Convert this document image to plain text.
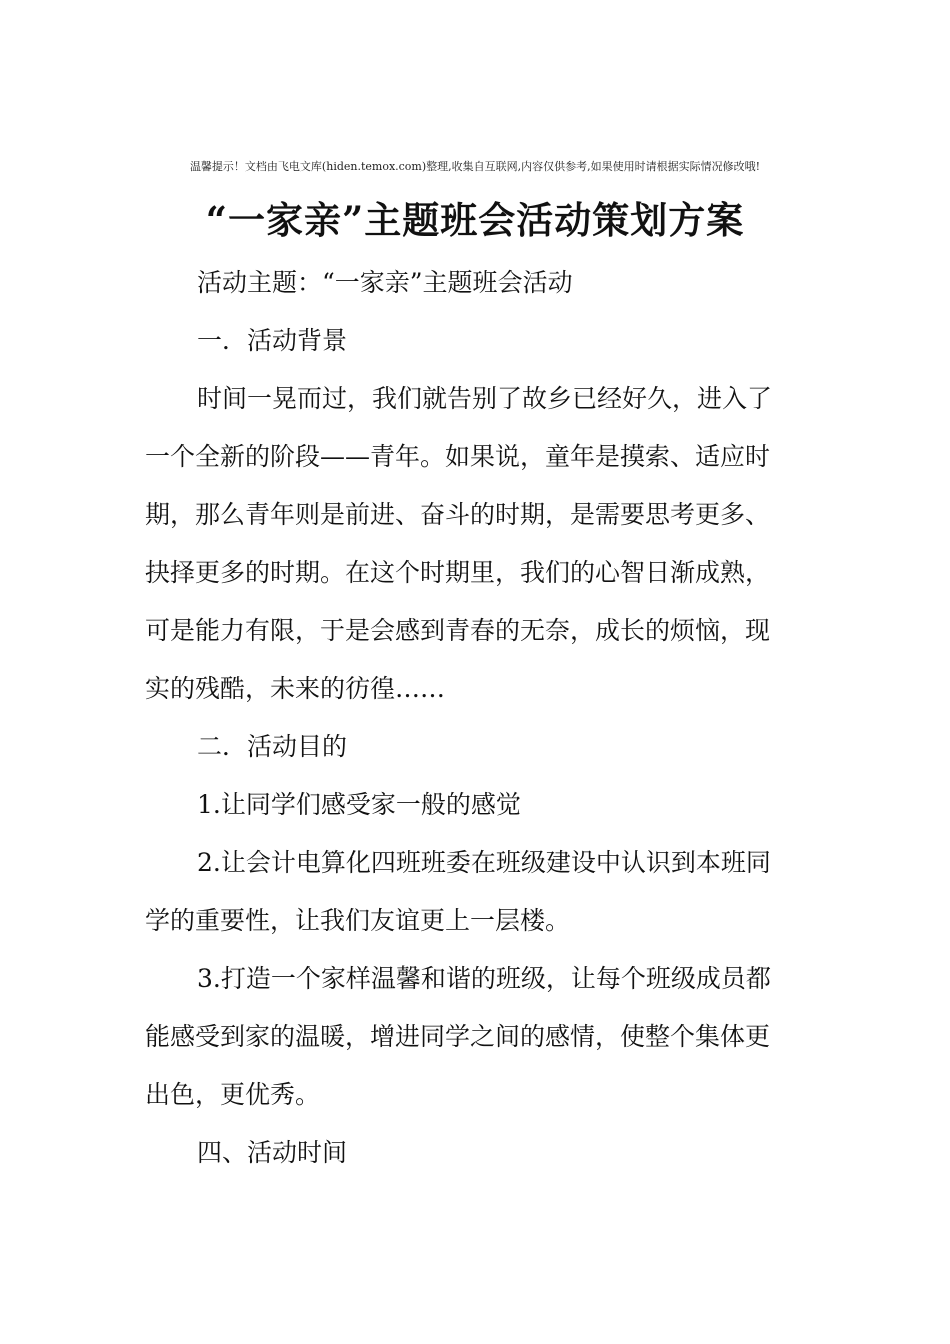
温馨提示！文档由飞电文库(hiden.temox.com)整理,收集自互联网,内容仅供参考,如果使用时请根据实际情况修改哦!
“一家亲”主题班会活动策划方案

活动主题：“一家亲”主题班会活动

一．活动背景

时间一晃而过，我们就告别了故乡已经好久，进入了
一个全新的阶段——青年。如果说，童年是摸索、适应时
期，那么青年则是前进、奋斗的时期，是需要思考更多、
抉择更多的时期。在这个时期里，我们的心智日渐成熟，
可是能力有限，于是会感到青春的无奈，成长的烦恼，现
实的残酷，未来的彷徨……

二．活动目的

1.让同学们感受家一般的感觉

2.让会计电算化四班班委在班级建设中认识到本班同
学的重要性，让我们友谊更上一层楼。

3.打造一个家样温馨和谐的班级，让每个班级成员都
能感受到家的温暖，增进同学之间的感情，使整个集体更
出色，更优秀。

四、活动时间
